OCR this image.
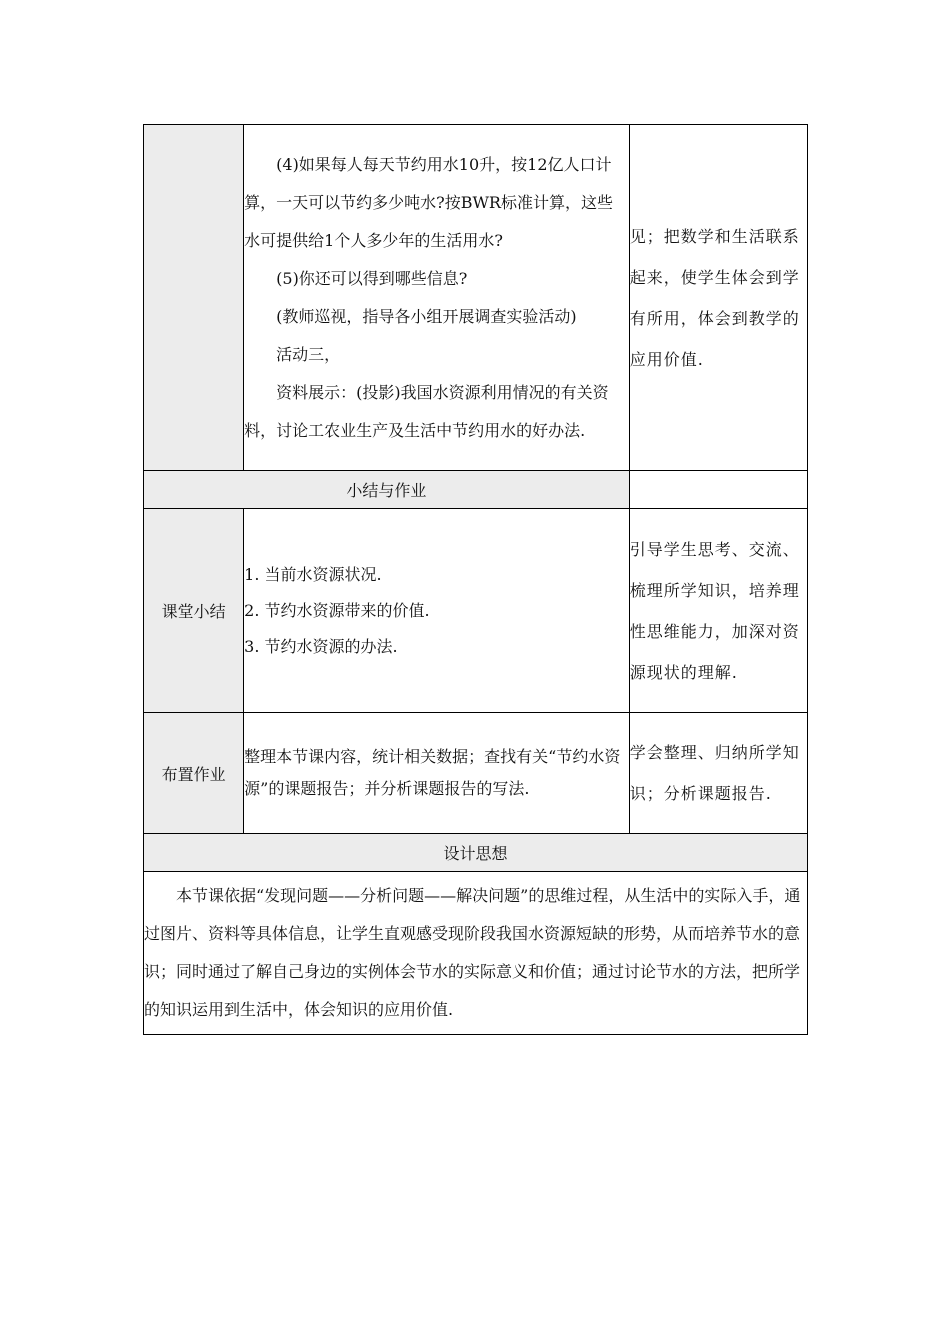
	(4)如果每人每天节约用水10升，按12亿人口计算，一天可以节约多少吨水?按BWR标准计算，这些水可提供给1个人多少年的生活用水?

(5)你还可以得到哪些信息?

(教师巡视，指导各小组开展调查实验活动)

活动三，

资料展示：(投影)我国水资源利用情况的有关资料，讨论工农业生产及生活中节约用水的好办法.	见；把数学和生活联系起来，使学生体会到学有所用，体会到教学的应用价值.
小结与作业		
课堂小结	1. 当前水资源状况.
2. 节约水资源带来的价值.
3. 节约水资源的办法.	引导学生思考、交流、梳理所学知识，培养理性思维能力，加深对资源现状的理解.
布置作业	整理本节课内容，统计相关数据；查找有关“节约水资源”的课题报告；并分析课题报告的写法.	学会整理、归纳所学知识；分析课题报告.
设计思想		
本节课依据“发现问题——分析问题——解决问题”的思维过程，从生活中的实际入手，通过图片、资料等具体信息，让学生直观感受现阶段我国水资源短缺的形势，从而培养节水的意识；同时通过了解自己身边的实例体会节水的实际意义和价值；通过讨论节水的方法，把所学的知识运用到生活中，体会知识的应用价值.		
